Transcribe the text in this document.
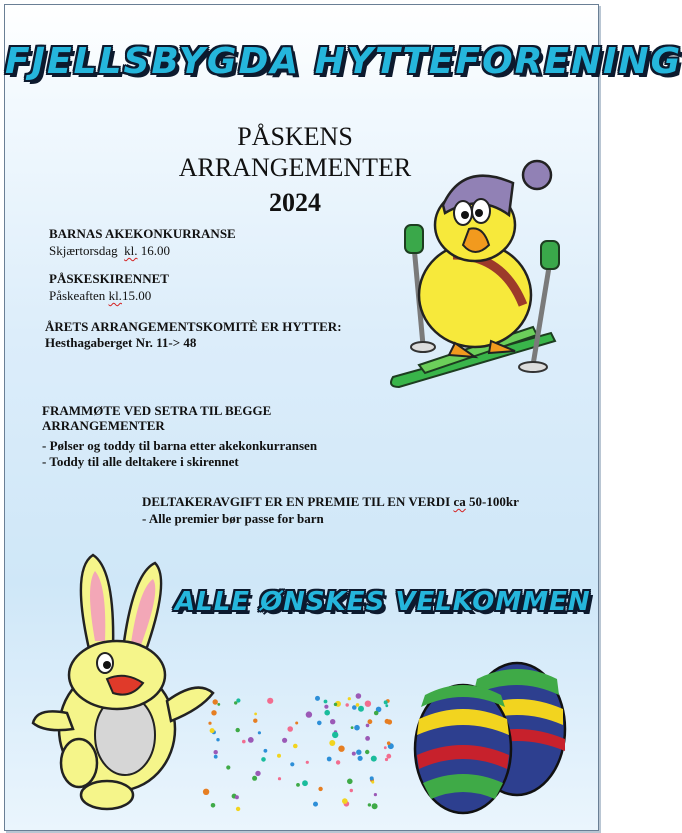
FJELLSBYGDA HYTTEFORENING
PÅSKENS
ARRANGEMENTER
2024
BARNAS AKEKONKURRANSE
Skjærtorsdag kl. 16.00
PÅSKESKIRENNET
Påskeaften kl.15.00
ÅRETS ARRANGEMENTSKOMITÈ ER HYTTER:
Hesthagaberget Nr. 11-> 48
FRAMMØTE VED SETRA TIL BEGGE
ARRANGEMENTER
- Pølser og toddy til barna etter akekonkurransen
- Toddy til alle deltakere i skirennet
DELTAKERAVGIFT ER EN PREMIE TIL EN VERDI ca 50-100kr
- Alle premier bør passe for barn
ALLE ØNSKES VELKOMMEN
